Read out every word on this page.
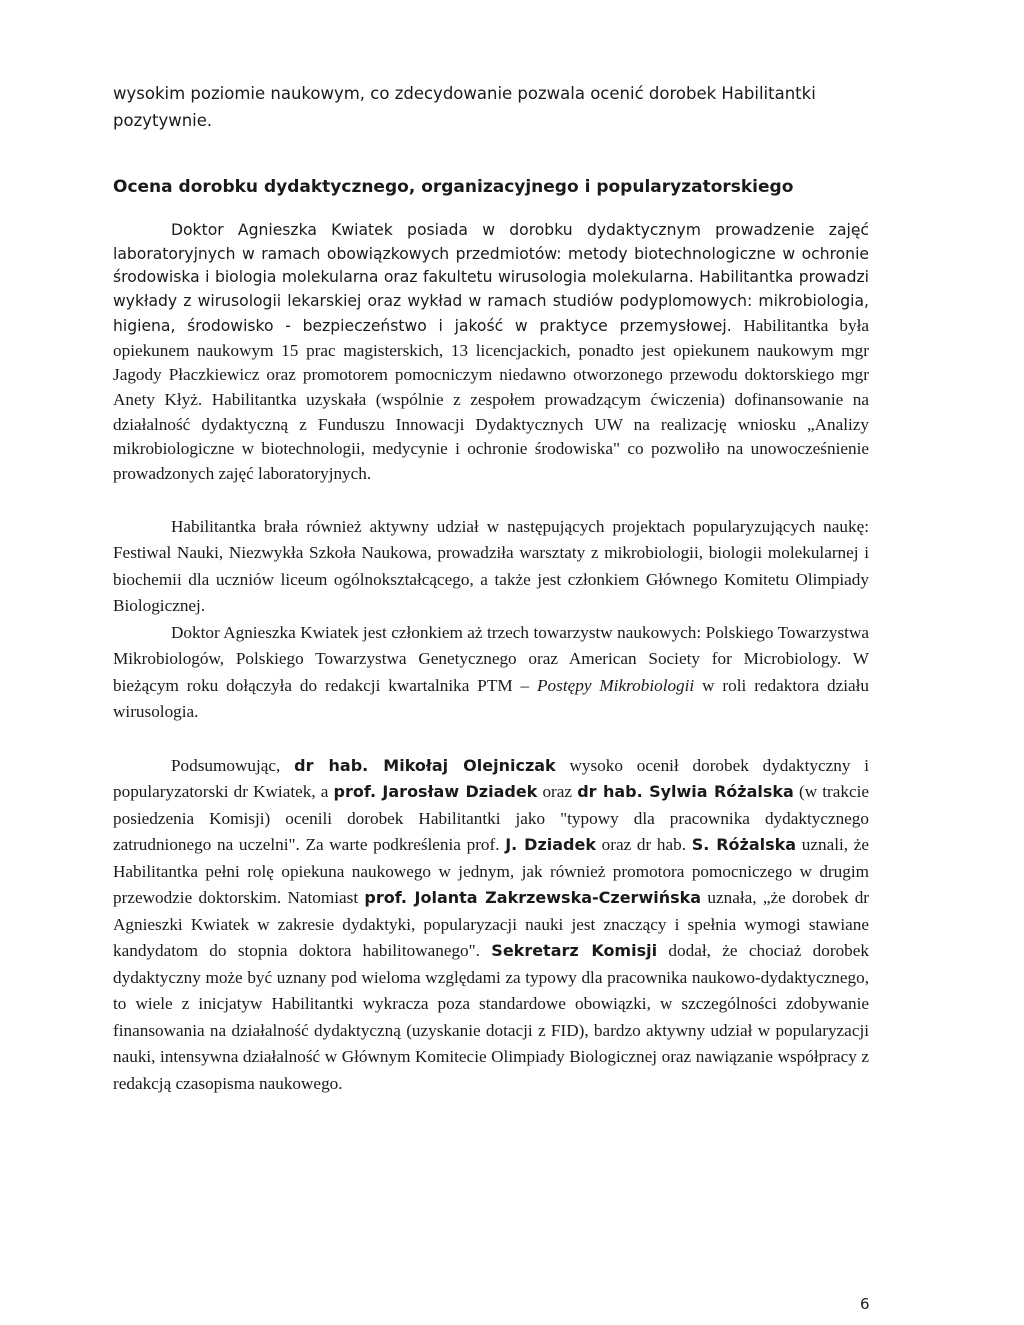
wysokim poziomie naukowym, co zdecydowanie pozwala ocenić dorobek Habilitantki pozytywnie.

Ocena dorobku dydaktycznego, organizacyjnego i popularyzatorskiego

Doktor Agnieszka Kwiatek posiada w dorobku dydaktycznym prowadzenie zajęć laboratoryjnych w ramach obowiązkowych przedmiotów: metody biotechnologiczne w ochronie środowiska i biologia molekularna oraz fakultetu wirusologia molekularna. Habilitantka prowadzi wykłady z wirusologii lekarskiej oraz wykład w ramach studiów podyplomowych: mikrobiologia, higiena, środowisko - bezpieczeństwo i jakość w praktyce przemysłowej. Habilitantka była opiekunem naukowym 15 prac magisterskich, 13 licencjackich, ponadto jest opiekunem naukowym mgr Jagody Płaczkiewicz oraz promotorem pomocniczym niedawno otworzonego przewodu doktorskiego mgr Anety Kłyż. Habilitantka uzyskała (wspólnie z zespołem prowadzącym ćwiczenia) dofinansowanie na działalność dydaktyczną z Funduszu Innowacji Dydaktycznych UW na realizację wniosku „Analizy mikrobiologiczne w biotechnologii, medycynie i ochronie środowiska" co pozwoliło na unowocześnienie prowadzonych zajęć laboratoryjnych.

Habilitantka brała również aktywny udział w następujących projektach popularyzujących naukę: Festiwal Nauki, Niezwykła Szkoła Naukowa, prowadziła warsztaty z mikrobiologii, biologii molekularnej i biochemii dla uczniów liceum ogólnokształcącego, a także jest członkiem Głównego Komitetu Olimpiady Biologicznej.

Doktor Agnieszka Kwiatek jest członkiem aż trzech towarzystw naukowych: Polskiego Towarzystwa Mikrobiologów, Polskiego Towarzystwa Genetycznego oraz American Society for Microbiology. W bieżącym roku dołączyła do redakcji kwartalnika PTM – Postępy Mikrobiologii w roli redaktora działu wirusologia.

Podsumowując, dr hab. Mikołaj Olejniczak wysoko ocenił dorobek dydaktyczny i popularyzatorski dr Kwiatek, a prof. Jarosław Dziadek oraz dr hab. Sylwia Różalska (w trakcie posiedzenia Komisji) ocenili dorobek Habilitantki jako "typowy dla pracownika dydaktycznego zatrudnionego na uczelni". Za warte podkreślenia prof. J. Dziadek oraz dr hab. S. Różalska uznali, że Habilitantka pełni rolę opiekuna naukowego w jednym, jak również promotora pomocniczego w drugim przewodzie doktorskim. Natomiast prof. Jolanta Zakrzewska-Czerwińska uznała, „że dorobek dr Agnieszki Kwiatek w zakresie dydaktyki, popularyzacji nauki jest znaczący i spełnia wymogi stawiane kandydatom do stopnia doktora habilitowanego". Sekretarz Komisji dodał, że chociaż dorobek dydaktyczny może być uznany pod wieloma względami za typowy dla pracownika naukowo-dydaktycznego, to wiele z inicjatyw Habilitantki wykracza poza standardowe obowiązki, w szczególności zdobywanie finansowania na działalność dydaktyczną (uzyskanie dotacji z FID), bardzo aktywny udział w popularyzacji nauki, intensywna działalność w Głównym Komitecie Olimpiady Biologicznej oraz nawiązanie współpracy z redakcją czasopisma naukowego.

6
